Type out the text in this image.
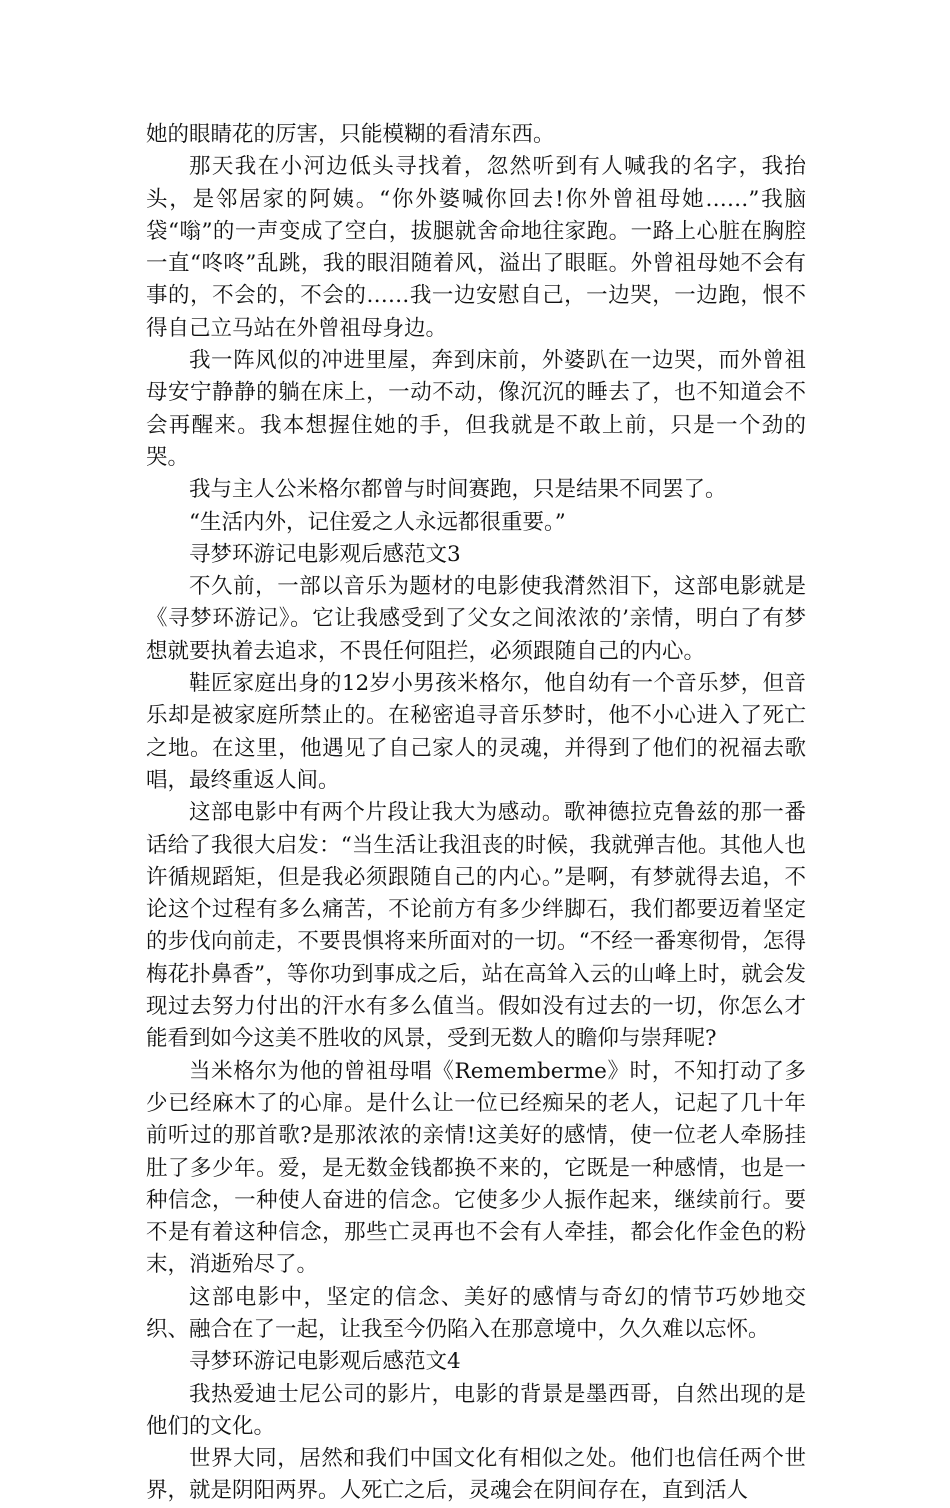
她的眼睛花的厉害，只能模糊的看清东西。

那天我在小河边低头寻找着，忽然听到有人喊我的名字，我抬头，是邻居家的阿姨。“你外婆喊你回去!你外曾祖母她……”我脑袋“嗡”的一声变成了空白，拔腿就舍命地往家跑。一路上心脏在胸腔一直“咚咚”乱跳，我的眼泪随着风，溢出了眼眶。外曾祖母她不会有事的，不会的，不会的……我一边安慰自己，一边哭，一边跑，恨不得自己立马站在外曾祖母身边。

我一阵风似的冲进里屋，奔到床前，外婆趴在一边哭，而外曾祖母安宁静静的躺在床上，一动不动，像沉沉的睡去了，也不知道会不会再醒来。我本想握住她的手，但我就是不敢上前，只是一个劲的哭。

我与主人公米格尔都曾与时间赛跑，只是结果不同罢了。

“生活内外，记住爱之人永远都很重要。”

寻梦环游记电影观后感范文3

不久前，一部以音乐为题材的电影使我潸然泪下，这部电影就是《寻梦环游记》。它让我感受到了父女之间浓浓的’亲情，明白了有梦想就要执着去追求，不畏任何阻拦，必须跟随自己的内心。

鞋匠家庭出身的12岁小男孩米格尔，他自幼有一个音乐梦，但音乐却是被家庭所禁止的。在秘密追寻音乐梦时，他不小心进入了死亡之地。在这里，他遇见了自己家人的灵魂，并得到了他们的祝福去歌唱，最终重返人间。

这部电影中有两个片段让我大为感动。歌神德拉克鲁兹的那一番话给了我很大启发：“当生活让我沮丧的时候，我就弹吉他。其他人也许循规蹈矩，但是我必须跟随自己的内心。”是啊，有梦就得去追，不论这个过程有多么痛苦，不论前方有多少绊脚石，我们都要迈着坚定的步伐向前走，不要畏惧将来所面对的一切。“不经一番寒彻骨，怎得梅花扑鼻香”，等你功到事成之后，站在高耸入云的山峰上时，就会发现过去努力付出的汗水有多么值当。假如没有过去的一切，你怎么才能看到如今这美不胜收的风景，受到无数人的瞻仰与崇拜呢?

当米格尔为他的曾祖母唱《Rememberme》时，不知打动了多少已经麻木了的心扉。是什么让一位已经痴呆的老人，记起了几十年前听过的那首歌?是那浓浓的亲情!这美好的感情，使一位老人牵肠挂肚了多少年。爱，是无数金钱都换不来的，它既是一种感情，也是一种信念，一种使人奋进的信念。它使多少人振作起来，继续前行。要不是有着这种信念，那些亡灵再也不会有人牵挂，都会化作金色的粉末，消逝殆尽了。

这部电影中，坚定的信念、美好的感情与奇幻的情节巧妙地交织、融合在了一起，让我至今仍陷入在那意境中，久久难以忘怀。

寻梦环游记电影观后感范文4

我热爱迪士尼公司的影片，电影的背景是墨西哥，自然出现的是他们的文化。

世界大同，居然和我们中国文化有相似之处。他们也信任两个世界，就是阴阳两界。人死亡之后，灵魂会在阴间存在，直到活人
